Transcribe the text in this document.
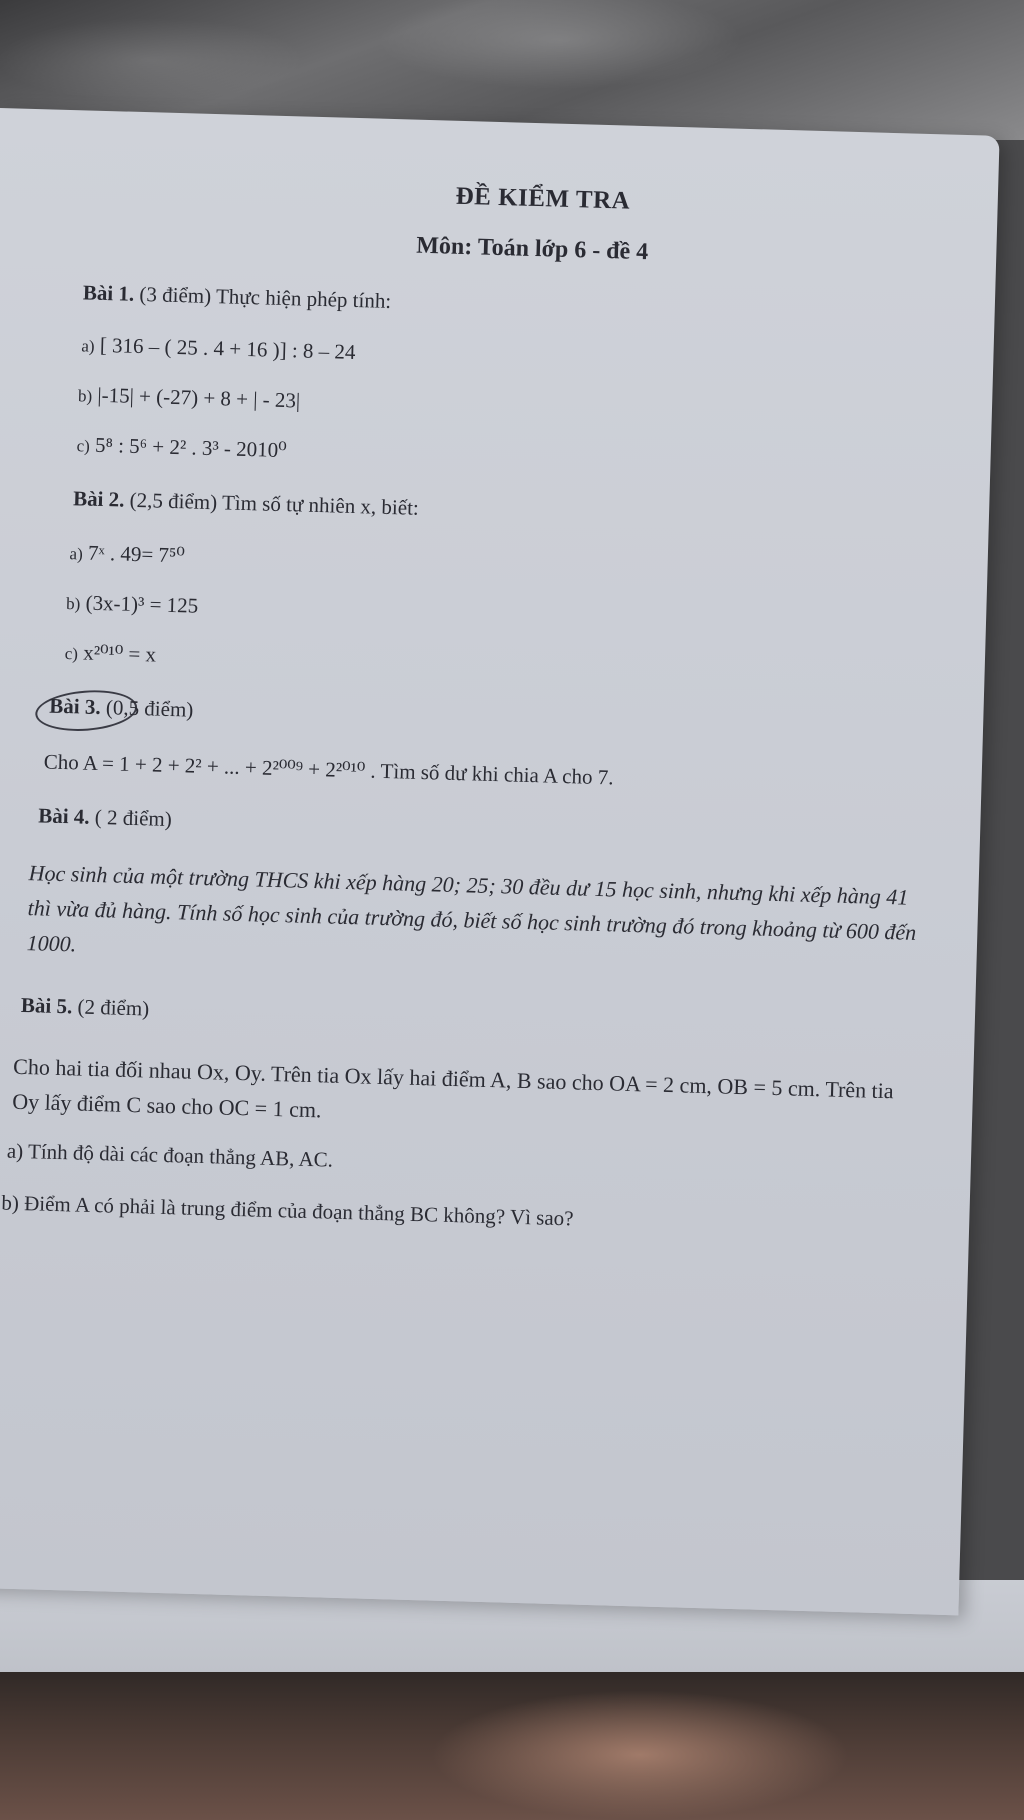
ĐỀ KIỂM TRA
Môn: Toán lớp 6 - đề 4
Bài 1. (3 điểm) Thực hiện phép tính:
a) [ 316 – ( 25 . 4 + 16 )] : 8 – 24
b) |-15| + (-27) + 8 + | - 23|
c) 5⁸ : 5⁶ + 2² . 3³ - 2010⁰
Bài 2. (2,5 điểm) Tìm số tự nhiên x, biết:
a) 7ˣ . 49= 7⁵⁰
b) (3x-1)³ = 125
c) x²⁰¹⁰ = x
Bài 3. (0,5 điểm)
Cho A = 1 + 2 + 2² + ... + 2²⁰⁰⁹ + 2²⁰¹⁰ . Tìm số dư khi chia A cho 7.
Bài 4. ( 2 điểm)
Học sinh của một trường THCS khi xếp hàng 20; 25; 30 đều dư 15 học sinh, nhưng khi xếp hàng 41 thì vừa đủ hàng. Tính số học sinh của trường đó, biết số học sinh trường đó trong khoảng từ 600 đến 1000.
Bài 5. (2 điểm)
Cho hai tia đối nhau Ox, Oy. Trên tia Ox lấy hai điểm A, B sao cho OA = 2 cm, OB = 5 cm. Trên tia Oy lấy điểm C sao cho OC = 1 cm.
a) Tính độ dài các đoạn thẳng AB, AC.
b) Điểm A có phải là trung điểm của đoạn thẳng BC không? Vì sao?
